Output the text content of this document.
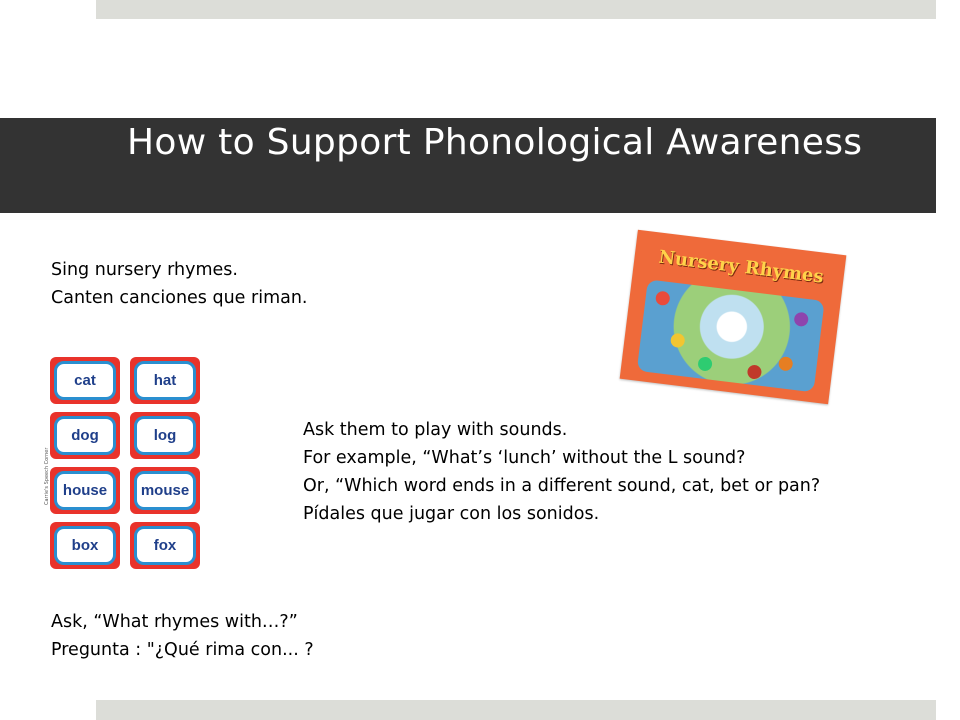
How to Support Phonological Awareness
Sing nursery rhymes.
Canten canciones que riman.
Nursery Rhymes
cat	hat
dog	log
house	mouse
box	fox
Carrie's Speech Corner
Ask them to play with sounds.
For example, “What’s ‘lunch’ without the L sound?
Or, “Which word ends in a different sound, cat, bet or pan?
Pídales que jugar con los sonidos.
Ask, “What rhymes with…?”
Pregunta : "¿Qué rima con... ?
